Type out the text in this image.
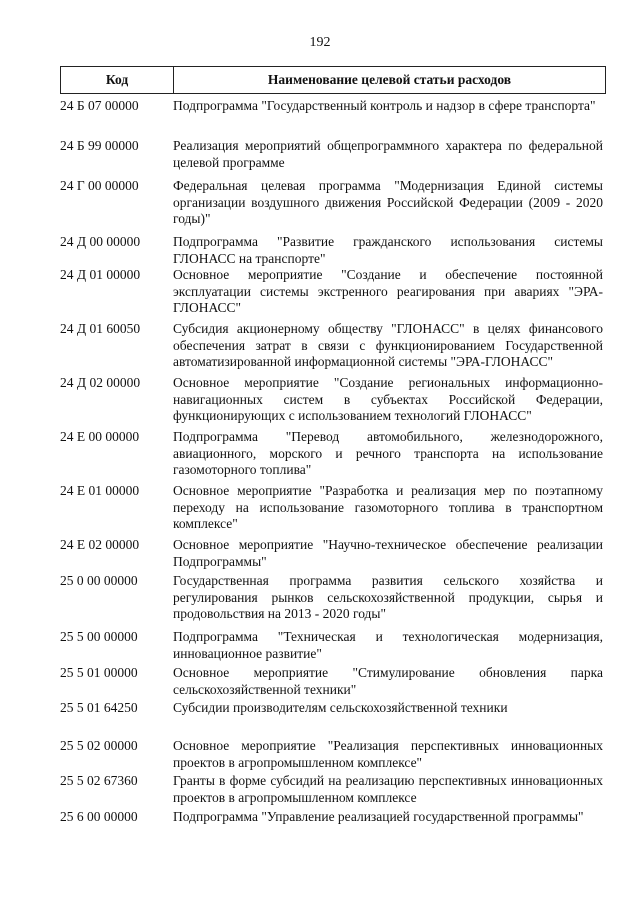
192
Код	Наименование целевой статьи расходов
24 Б 07 00000	Подпрограмма "Государственный контроль и надзор в сфере транспорта"
24 Б 99 00000	Реализация мероприятий общепрограммного характера по федеральной целевой программе
24 Г 00 00000	Федеральная целевая программа "Модернизация Единой системы организации воздушного движения Российской Федерации (2009 - 2020 годы)"
24 Д 00 00000	Подпрограмма "Развитие гражданского использования системы ГЛОНАСС на транспорте"
24 Д 01 00000	Основное мероприятие "Создание и обеспечение постоянной эксплуатации системы экстренного реагирования при авариях "ЭРА-ГЛОНАСС"
24 Д 01 60050	Субсидия акционерному обществу "ГЛОНАСС" в целях финансового обеспечения затрат в связи с функционированием Государственной автоматизированной информационной системы "ЭРА-ГЛОНАСС"
24 Д 02 00000	Основное мероприятие "Создание региональных информационно-навигационных систем в субъектах Российской Федерации, функционирующих с использованием технологий ГЛОНАСС"
24 Е 00 00000	Подпрограмма "Перевод автомобильного, железнодорожного, авиационного, морского и речного транспорта на использование газомоторного топлива"
24 Е 01 00000	Основное мероприятие "Разработка и реализация мер по поэтапному переходу на использование газомоторного топлива в транспортном комплексе"
24 Е 02 00000	Основное мероприятие "Научно-техническое обеспечение реализации Подпрограммы"
25 0 00 00000	Государственная программа развития сельского хозяйства и регулирования рынков сельскохозяйственной продукции, сырья и продовольствия на 2013 - 2020 годы"
25 5 00 00000	Подпрограмма "Техническая и технологическая модернизация, инновационное развитие"
25 5 01 00000	Основное мероприятие "Стимулирование обновления парка сельскохозяйственной техники"
25 5 01 64250	Субсидии производителям сельскохозяйственной техники
25 5 02 00000	Основное мероприятие "Реализация перспективных инновационных проектов в агропромышленном комплексе"
25 5 02 67360	Гранты в форме субсидий на реализацию перспективных инновационных проектов в агропромышленном комплексе
25 6 00 00000	Подпрограмма "Управление реализацией государственной программы"
